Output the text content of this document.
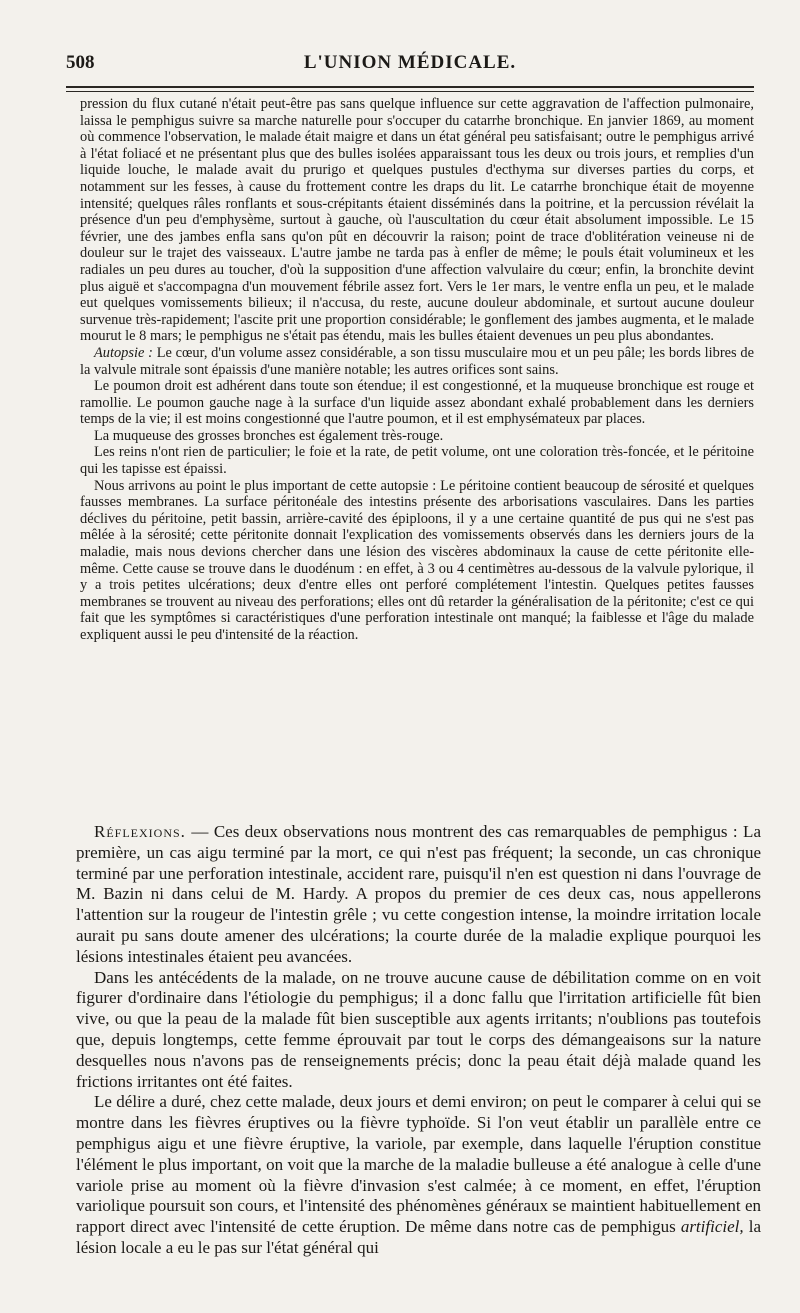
508	L'UNION MÉDICALE.

pression du flux cutané n'était peut-être pas sans quelque influence sur cette aggravation de l'affection pulmonaire, laissa le pemphigus suivre sa marche naturelle pour s'occuper du catarrhe bronchique. En janvier 1869, au moment où commence l'observation, le malade était maigre et dans un état général peu satisfaisant; outre le pemphigus arrivé à l'état foliacé et ne présentant plus que des bulles isolées apparaissant tous les deux ou trois jours, et remplies d'un liquide louche, le malade avait du prurigo et quelques pustules d'ecthyma sur diverses parties du corps, et notamment sur les fesses, à cause du frottement contre les draps du lit. Le catarrhe bronchique était de moyenne intensité; quelques râles ronflants et sous-crépitants étaient disséminés dans la poitrine, et la percussion révélait la présence d'un peu d'emphysème, surtout à gauche, où l'auscultation du cœur était absolument impossible. Le 15 février, une des jambes enfla sans qu'on pût en découvrir la raison; point de trace d'oblitération veineuse ni de douleur sur le trajet des vaisseaux. L'autre jambe ne tarda pas à enfler de même; le pouls était volumineux et les radiales un peu dures au toucher, d'où la supposition d'une affection valvulaire du cœur; enfin, la bronchite devint plus aiguë et s'accompagna d'un mouvement fébrile assez fort. Vers le 1er mars, le ventre enfla un peu, et le malade eut quelques vomissements bilieux; il n'accusa, du reste, aucune douleur abdominale, et surtout aucune douleur survenue très-rapidement; l'ascite prit une proportion considérable; le gonflement des jambes augmenta, et le malade mourut le 8 mars; le pemphigus ne s'était pas étendu, mais les bulles étaient devenues un peu plus abondantes.

Autopsie : Le cœur, d'un volume assez considérable, a son tissu musculaire mou et un peu pâle; les bords libres de la valvule mitrale sont épaissis d'une manière notable; les autres orifices sont sains.

Le poumon droit est adhérent dans toute son étendue; il est congestionné, et la muqueuse bronchique est rouge et ramollie. Le poumon gauche nage à la surface d'un liquide assez abondant exhalé probablement dans les derniers temps de la vie; il est moins congestionné que l'autre poumon, et il est emphysémateux par places.

La muqueuse des grosses bronches est également très-rouge.

Les reins n'ont rien de particulier; le foie et la rate, de petit volume, ont une coloration très-foncée, et le péritoine qui les tapisse est épaissi.

Nous arrivons au point le plus important de cette autopsie : Le péritoine contient beaucoup de sérosité et quelques fausses membranes. La surface péritonéale des intestins présente des arborisations vasculaires. Dans les parties déclives du péritoine, petit bassin, arrière-cavité des épiploons, il y a une certaine quantité de pus qui ne s'est pas mêlée à la sérosité; cette péritonite donnait l'explication des vomissements observés dans les derniers jours de la maladie, mais nous devions chercher dans une lésion des viscères abdominaux la cause de cette péritonite elle-même. Cette cause se trouve dans le duodénum : en effet, à 3 ou 4 centimètres au-dessous de la valvule pylorique, il y a trois petites ulcérations; deux d'entre elles ont perforé complétement l'intestin. Quelques petites fausses membranes se trouvent au niveau des perforations; elles ont dû retarder la généralisation de la péritonite; c'est ce qui fait que les symptômes si caractéristiques d'une perforation intestinale ont manqué; la faiblesse et l'âge du malade expliquent aussi le peu d'intensité de la réaction.

Réflexions. — Ces deux observations nous montrent des cas remarquables de pemphigus : La première, un cas aigu terminé par la mort, ce qui n'est pas fréquent; la seconde, un cas chronique terminé par une perforation intestinale, accident rare, puisqu'il n'en est question ni dans l'ouvrage de M. Bazin ni dans celui de M. Hardy. A propos du premier de ces deux cas, nous appellerons l'attention sur la rougeur de l'intestin grêle ; vu cette congestion intense, la moindre irritation locale aurait pu sans doute amener des ulcérations; la courte durée de la maladie explique pourquoi les lésions intestinales étaient peu avancées.

Dans les antécédents de la malade, on ne trouve aucune cause de débilitation comme on en voit figurer d'ordinaire dans l'étiologie du pemphigus; il a donc fallu que l'irritation artificielle fût bien vive, ou que la peau de la malade fût bien susceptible aux agents irritants; n'oublions pas toutefois que, depuis longtemps, cette femme éprouvait par tout le corps des démangeaisons sur la nature desquelles nous n'avons pas de renseignements précis; donc la peau était déjà malade quand les frictions irritantes ont été faites.

Le délire a duré, chez cette malade, deux jours et demi environ; on peut le comparer à celui qui se montre dans les fièvres éruptives ou la fièvre typhoïde. Si l'on veut établir un parallèle entre ce pemphigus aigu et une fièvre éruptive, la variole, par exemple, dans laquelle l'éruption constitue l'élément le plus important, on voit que la marche de la maladie bulleuse a été analogue à celle d'une variole prise au moment où la fièvre d'invasion s'est calmée; à ce moment, en effet, l'éruption variolique poursuit son cours, et l'intensité des phénomènes généraux se maintient habituellement en rapport direct avec l'intensité de cette éruption. De même dans notre cas de pemphigus artificiel, la lésion locale a eu le pas sur l'état général qui
